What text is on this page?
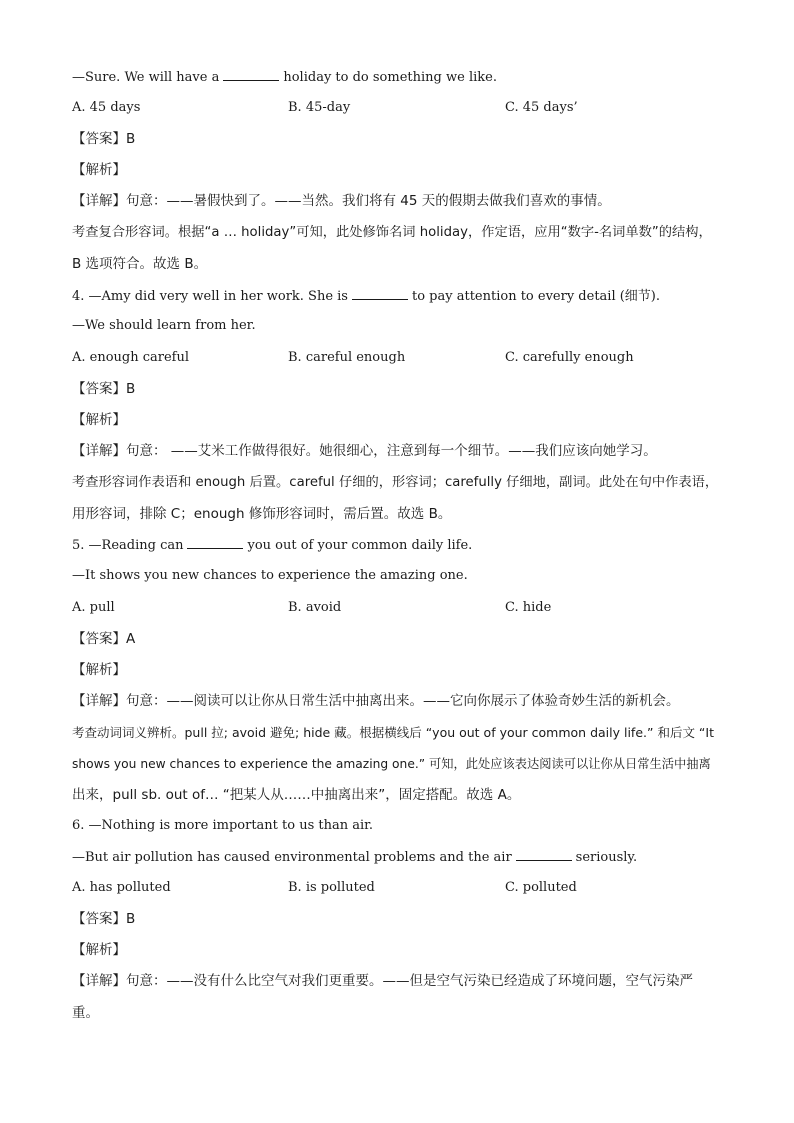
—Sure. We will have a	holiday to do something we like.
A. 45 days	B. 45-day	C. 45 days’
【答案】B
【解析】
【详解】句意：——暑假快到了。——当然。我们将有 45 天的假期去做我们喜欢的事情。
考查复合形容词。根据“a … holiday”可知，此处修饰名词 holiday，作定语，应用“数字-名词单数”的结构，
B 选项符合。故选 B。
4. —Amy did very well in her work. She is	to pay attention to every detail (细节).
—We should learn from her.
A. enough careful	B. careful enough	C. carefully enough
【答案】B
【解析】
【详解】句意： ——艾米工作做得很好。她很细心，注意到每一个细节。——我们应该向她学习。
考查形容词作表语和 enough 后置。careful 仔细的，形容词；carefully 仔细地，副词。此处在句中作表语，
用形容词，排除 C；enough 修饰形容词时，需后置。故选 B。
5. —Reading can	you out of your common daily life.
—It shows you new chances to experience the amazing one.
A. pull	B. avoid	C. hide
【答案】A
【解析】
【详解】句意：——阅读可以让你从日常生活中抽离出来。——它向你展示了体验奇妙生活的新机会。
考查动词词义辨析。pull 拉; avoid 避免; hide 藏。根据横线后 “you out of your common daily life.” 和后文 “It
shows you new chances to experience the amazing one.” 可知，此处应该表达阅读可以让你从日常生活中抽离
出来，pull sb. out of… “把某人从……中抽离出来”，固定搭配。故选 A。
6. —Nothing is more important to us than air.
—But air pollution has caused environmental problems and the air	seriously.
A. has polluted	B. is polluted	C. polluted
【答案】B
【解析】
【详解】句意：——没有什么比空气对我们更重要。——但是空气污染已经造成了环境问题，空气污染严
重。
